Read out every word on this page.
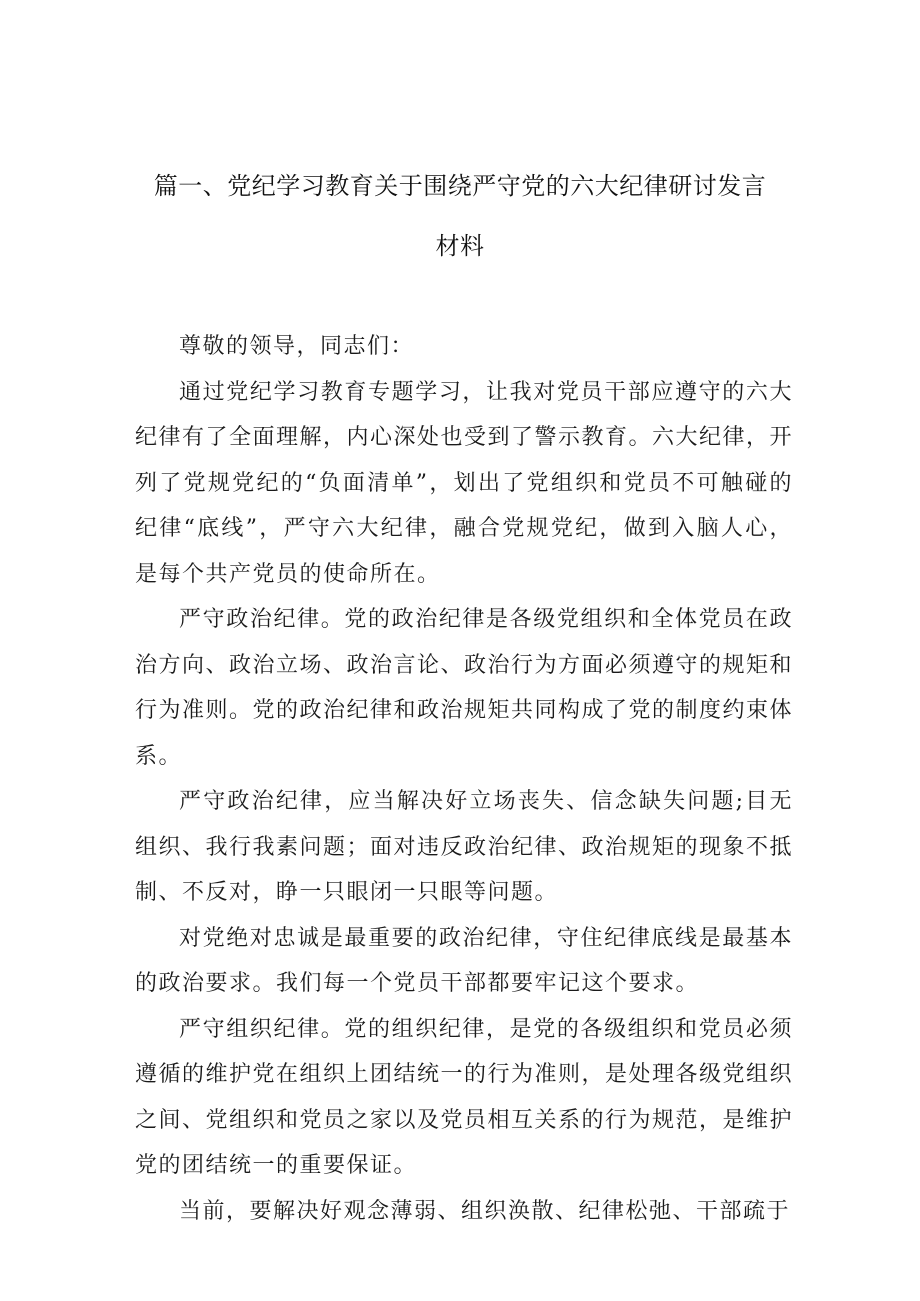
篇一、党纪学习教育关于围绕严守党的六大纪律研讨发言
材料

尊敬的领导，同志们：

通过党纪学习教育专题学习，让我对党员干部应遵守的六大纪律有了全面理解，内心深处也受到了警示教育。六大纪律，开列了党规党纪的“负面清单”，划出了党组织和党员不可触碰的纪律“底线”，严守六大纪律，融合党规党纪，做到入脑人心，是每个共产党员的使命所在。

严守政治纪律。党的政治纪律是各级党组织和全体党员在政治方向、政治立场、政治言论、政治行为方面必须遵守的规矩和行为准则。党的政治纪律和政治规矩共同构成了党的制度约束体系。

严守政治纪律，应当解决好立场丧失、信念缺失问题;目无组织、我行我素问题；面对违反政治纪律、政治规矩的现象不抵制、不反对，睁一只眼闭一只眼等问题。

对党绝对忠诚是最重要的政治纪律，守住纪律底线是最基本的政治要求。我们每一个党员干部都要牢记这个要求。

严守组织纪律。党的组织纪律，是党的各级组织和党员必须遵循的维护党在组织上团结统一的行为准则，是处理各级党组织之间、党组织和党员之家以及党员相互关系的行为规范，是维护党的团结统一的重要保证。

当前，要解决好观念薄弱、组织涣散、纪律松弛、干部疏于
